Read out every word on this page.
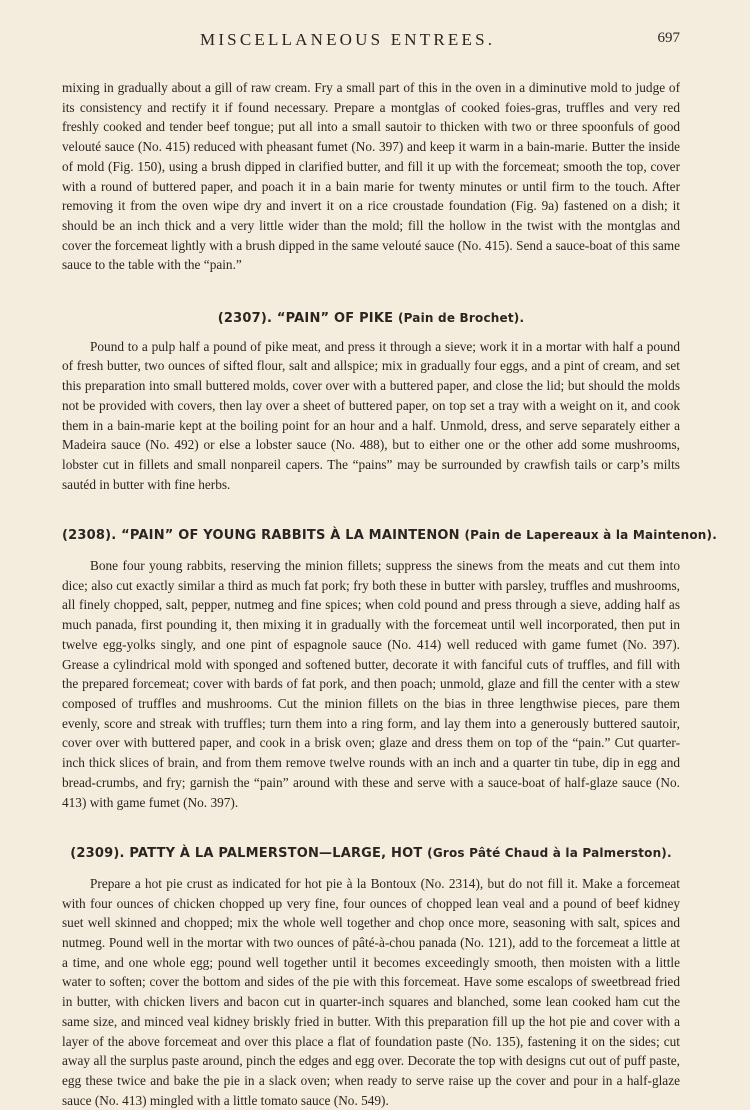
MISCELLANEOUS ENTREES.	697

mixing in gradually about a gill of raw cream. Fry a small part of this in the oven in a diminutive mold to judge of its consistency and rectify it if found necessary. Prepare a montglas of cooked foies-gras, truffles and very red freshly cooked and tender beef tongue; put all into a small sautoir to thicken with two or three spoonfuls of good velouté sauce (No. 415) reduced with pheasant fumet (No. 397) and keep it warm in a bain-marie. Butter the inside of mold (Fig. 150), using a brush dipped in clarified butter, and fill it up with the forcemeat; smooth the top, cover with a round of buttered paper, and poach it in a bain marie for twenty minutes or until firm to the touch. After removing it from the oven wipe dry and invert it on a rice croustade foundation (Fig. 9a) fastened on a dish; it should be an inch thick and a very little wider than the mold; fill the hollow in the twist with the montglas and cover the forcemeat lightly with a brush dipped in the same velouté sauce (No. 415). Send a sauce-boat of this same sauce to the table with the “pain.”

(2307). “PAIN” OF PIKE (Pain de Brochet).

Pound to a pulp half a pound of pike meat, and press it through a sieve; work it in a mortar with half a pound of fresh butter, two ounces of sifted flour, salt and allspice; mix in gradually four eggs, and a pint of cream, and set this preparation into small buttered molds, cover over with a buttered paper, and close the lid; but should the molds not be provided with covers, then lay over a sheet of buttered paper, on top set a tray with a weight on it, and cook them in a bain-marie kept at the boiling point for an hour and a half. Unmold, dress, and serve separately either a Madeira sauce (No. 492) or else a lobster sauce (No. 488), but to either one or the other add some mushrooms, lobster cut in fillets and small nonpareil capers. The “pains” may be surrounded by crawfish tails or carp’s milts sautéd in butter with fine herbs.

(2308). “PAIN” OF YOUNG RABBITS À LA MAINTENON (Pain de Lapereaux à la Maintenon).

Bone four young rabbits, reserving the minion fillets; suppress the sinews from the meats and cut them into dice; also cut exactly similar a third as much fat pork; fry both these in butter with parsley, truffles and mushrooms, all finely chopped, salt, pepper, nutmeg and fine spices; when cold pound and press through a sieve, adding half as much panada, first pounding it, then mixing it in gradually with the forcemeat until well incorporated, then put in twelve egg-yolks singly, and one pint of espagnole sauce (No. 414) well reduced with game fumet (No. 397). Grease a cylindrical mold with sponged and softened butter, decorate it with fanciful cuts of truffles, and fill with the prepared forcemeat; cover with bards of fat pork, and then poach; unmold, glaze and fill the center with a stew composed of truffles and mushrooms. Cut the minion fillets on the bias in three lengthwise pieces, pare them evenly, score and streak with truffles; turn them into a ring form, and lay them into a generously buttered sautoir, cover over with buttered paper, and cook in a brisk oven; glaze and dress them on top of the “pain.” Cut quarter-inch thick slices of brain, and from them remove twelve rounds with an inch and a quarter tin tube, dip in egg and bread-crumbs, and fry; garnish the “pain” around with these and serve with a sauce-boat of half-glaze sauce (No. 413) with game fumet (No. 397).

(2309). PATTY À LA PALMERSTON—LARGE, HOT (Gros Pâté Chaud à la Palmerston).

Prepare a hot pie crust as indicated for hot pie à la Bontoux (No. 2314), but do not fill it. Make a forcemeat with four ounces of chicken chopped up very fine, four ounces of chopped lean veal and a pound of beef kidney suet well skinned and chopped; mix the whole well together and chop once more, seasoning with salt, spices and nutmeg. Pound well in the mortar with two ounces of pâté-à-chou panada (No. 121), add to the forcemeat a little at a time, and one whole egg; pound well together until it becomes exceedingly smooth, then moisten with a little water to soften; cover the bottom and sides of the pie with this forcemeat. Have some escalops of sweetbread fried in butter, with chicken livers and bacon cut in quarter-inch squares and blanched, some lean cooked ham cut the same size, and minced veal kidney briskly fried in butter. With this preparation fill up the hot pie and cover with a layer of the above forcemeat and over this place a flat of foundation paste (No. 135), fastening it on the sides; cut away all the surplus paste around, pinch the edges and egg over. Decorate the top with designs cut out of puff paste, egg these twice and bake the pie in a slack oven; when ready to serve raise up the cover and pour in a half-glaze sauce (No. 413) mingled with a little tomato sauce (No. 549).
